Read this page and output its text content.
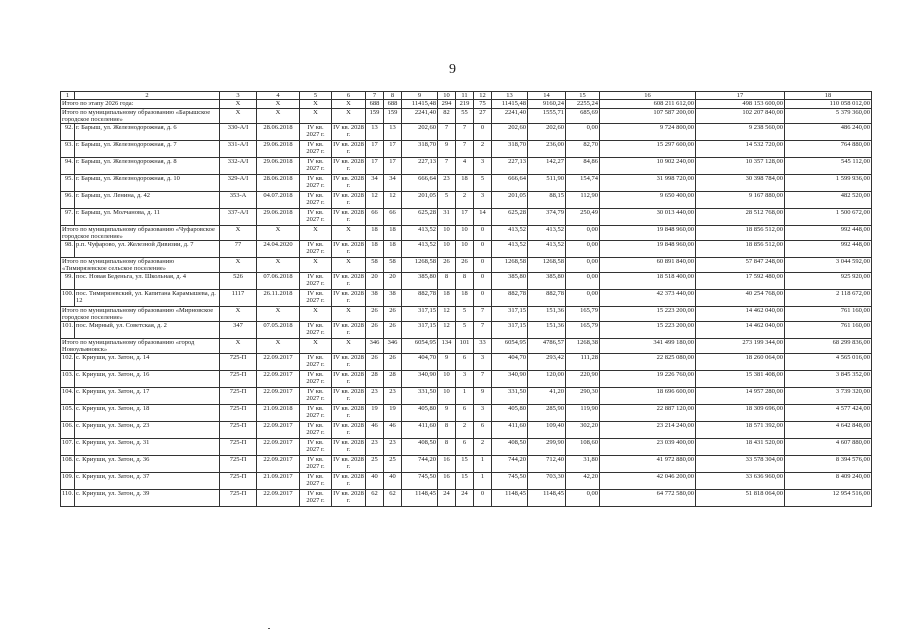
9
1	2	3	4	5	6	7	8	9	10	11	12	13	14	15	16	17	18
Итого по этапу 2026 года:		X	X	X	X	688	688	11415,48	294	219	75	11415,48	9160,24	2255,24	608 211 612,00	498 153 600,00	110 058 012,00
Итого по муниципальному образованию «Барышское городское поселение»		X	X	X	X	159	159	2241,40	82	55	27	2241,40	1555,71	685,69	107 587 200,00	102 207 840,00	5 379 360,00
92.	г. Барыш, ул. Железнодорожная, д. 6	330-А/I	28.06.2018	IV кв. 2027 г.	IV кв. 2028 г.	13	13	202,60	7	7	0	202,60	202,60	0,00	9 724 800,00	9 238 560,00	486 240,00
93.	г. Барыш, ул. Железнодорожная, д. 7	331-А/I	29.06.2018	IV кв. 2027 г.	IV кв. 2028 г.	17	17	318,70	9	7	2	318,70	236,00	82,70	15 297 600,00	14 532 720,00	764 880,00
94.	г. Барыш, ул. Железнодорожная, д. 8	332-А/I	29.06.2018	IV кв. 2027 г.	IV кв. 2028 г.	17	17	227,13	7	4	3	227,13	142,27	84,86	10 902 240,00	10 357 128,00	545 112,00
95.	г. Барыш, ул. Железнодорожная, д. 10	329-А/I	28.06.2018	IV кв. 2027 г.	IV кв. 2028 г.	34	34	666,64	23	18	5	666,64	511,90	154,74	31 998 720,00	30 398 784,00	1 599 936,00
96.	г. Барыш, ул. Ленина, д. 42	353-А	04.07.2018	IV кв. 2027 г.	IV кв. 2028 г.	12	12	201,05	5	2	3	201,05	88,15	112,90	9 650 400,00	9 167 880,00	482 520,00
97.	г. Барыш, ул. Молчанова, д. 11	337-А/I	29.06.2018	IV кв. 2027 г.	IV кв. 2028 г.	66	66	625,28	31	17	14	625,28	374,79	250,49	30 013 440,00	28 512 768,00	1 500 672,00
Итого по муниципальному образованию «Чуфаровское городское поселение»		X	X	X	X	18	18	413,52	10	10	0	413,52	413,52	0,00	19 848 960,00	18 856 512,00	992 448,00
98.	р.п. Чуфарово, ул. Железной Дивизии, д. 7	77	24.04.2020	IV кв. 2027 г.	IV кв. 2028 г.	18	18	413,52	10	10	0	413,52	413,52	0,00	19 848 960,00	18 856 512,00	992 448,00
Итого по муниципальному образованию «Тимирязевское сельское поселение»		X	X	X	X	58	58	1268,58	26	26	0	1268,58	1268,58	0,00	60 891 840,00	57 847 248,00	3 044 592,00
99.	пос. Новая Беденьга, ул. Школьная, д. 4	526	07.06.2018	IV кв. 2027 г.	IV кв. 2028 г.	20	20	385,80	8	8	0	385,80	385,80	0,00	18 518 400,00	17 592 480,00	925 920,00
100.	пос. Тимирязевский, ул. Капитана Карамышева, д. 12	1117	26.11.2018	IV кв. 2027 г.	IV кв. 2028 г.	38	38	882,78	18	18	0	882,78	882,78	0,00	42 373 440,00	40 254 768,00	2 118 672,00
Итого по муниципальному образованию «Мирновское городское поселение»		X	X	X	X	26	26	317,15	12	5	7	317,15	151,36	165,79	15 223 200,00	14 462 040,00	761 160,00
101.	пос. Мирный, ул. Советская, д. 2	347	07.05.2018	IV кв. 2027 г.	IV кв. 2028 г.	26	26	317,15	12	5	7	317,15	151,36	165,79	15 223 200,00	14 462 040,00	761 160,00
Итого по муниципальному образованию «город Новоульяновск»		X	X	X	X	346	346	6054,95	134	101	33	6054,95	4786,57	1268,38	341 499 180,00	273 199 344,00	68 299 836,00
102.	с. Криуши, ул. Затон, д. 14	725-П	22.09.2017	IV кв. 2027 г.	IV кв. 2028 г.	26	26	404,70	9	6	3	404,70	293,42	111,28	22 825 080,00	18 260 064,00	4 565 016,00
103.	с. Криуши, ул. Затон, д. 16	725-П	22.09.2017	IV кв. 2027 г.	IV кв. 2028 г.	28	28	340,90	10	3	7	340,90	120,00	220,90	19 226 760,00	15 381 408,00	3 845 352,00
104.	с. Криуши, ул. Затон, д. 17	725-П	22.09.2017	IV кв. 2027 г.	IV кв. 2028 г.	23	23	331,50	10	1	9	331,50	41,20	290,30	18 696 600,00	14 957 280,00	3 739 320,00
105.	с. Криуши, ул. Затон, д. 18	725-П	21.09.2018	IV кв. 2027 г.	IV кв. 2028 г.	19	19	405,80	9	6	3	405,80	285,90	119,90	22 887 120,00	18 309 696,00	4 577 424,00
106.	с. Криуши, ул. Затон, д. 23	725-П	22.09.2017	IV кв. 2027 г.	IV кв. 2028 г.	46	46	411,60	8	2	6	411,60	109,40	302,20	23 214 240,00	18 571 392,00	4 642 848,00
107.	с. Криуши, ул. Затон, д. 31	725-П	22.09.2017	IV кв. 2027 г.	IV кв. 2028 г.	23	23	408,50	8	6	2	408,50	299,90	108,60	23 039 400,00	18 431 520,00	4 607 880,00
108.	с. Криуши, ул. Затон, д. 36	725-П	22.09.2017	IV кв. 2027 г.	IV кв. 2028 г.	25	25	744,20	16	15	1	744,20	712,40	31,80	41 972 880,00	33 578 304,00	8 394 576,00
109.	с. Криуши, ул. Затон, д. 37	725-П	21.09.2017	IV кв. 2027 г.	IV кв. 2028 г.	40	40	745,50	16	15	1	745,50	703,30	42,20	42 046 200,00	33 636 960,00	8 409 240,00
110.	с. Криуши, ул. Затон, д. 39	725-П	22.09.2017	IV кв. 2027 г.	IV кв. 2028 г.	62	62	1148,45	24	24	0	1148,45	1148,45	0,00	64 772 580,00	51 818 064,00	12 954 516,00
